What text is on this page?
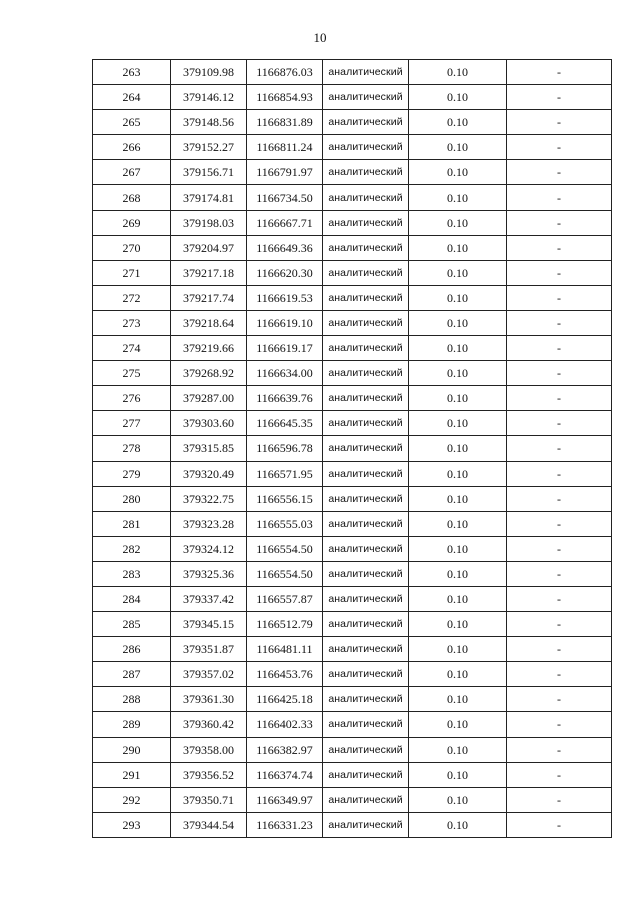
10
263	379109.98	1166876.03	аналитический	0.10	-
264	379146.12	1166854.93	аналитический	0.10	-
265	379148.56	1166831.89	аналитический	0.10	-
266	379152.27	1166811.24	аналитический	0.10	-
267	379156.71	1166791.97	аналитический	0.10	-
268	379174.81	1166734.50	аналитический	0.10	-
269	379198.03	1166667.71	аналитический	0.10	-
270	379204.97	1166649.36	аналитический	0.10	-
271	379217.18	1166620.30	аналитический	0.10	-
272	379217.74	1166619.53	аналитический	0.10	-
273	379218.64	1166619.10	аналитический	0.10	-
274	379219.66	1166619.17	аналитический	0.10	-
275	379268.92	1166634.00	аналитический	0.10	-
276	379287.00	1166639.76	аналитический	0.10	-
277	379303.60	1166645.35	аналитический	0.10	-
278	379315.85	1166596.78	аналитический	0.10	-
279	379320.49	1166571.95	аналитический	0.10	-
280	379322.75	1166556.15	аналитический	0.10	-
281	379323.28	1166555.03	аналитический	0.10	-
282	379324.12	1166554.50	аналитический	0.10	-
283	379325.36	1166554.50	аналитический	0.10	-
284	379337.42	1166557.87	аналитический	0.10	-
285	379345.15	1166512.79	аналитический	0.10	-
286	379351.87	1166481.11	аналитический	0.10	-
287	379357.02	1166453.76	аналитический	0.10	-
288	379361.30	1166425.18	аналитический	0.10	-
289	379360.42	1166402.33	аналитический	0.10	-
290	379358.00	1166382.97	аналитический	0.10	-
291	379356.52	1166374.74	аналитический	0.10	-
292	379350.71	1166349.97	аналитический	0.10	-
293	379344.54	1166331.23	аналитический	0.10	-
